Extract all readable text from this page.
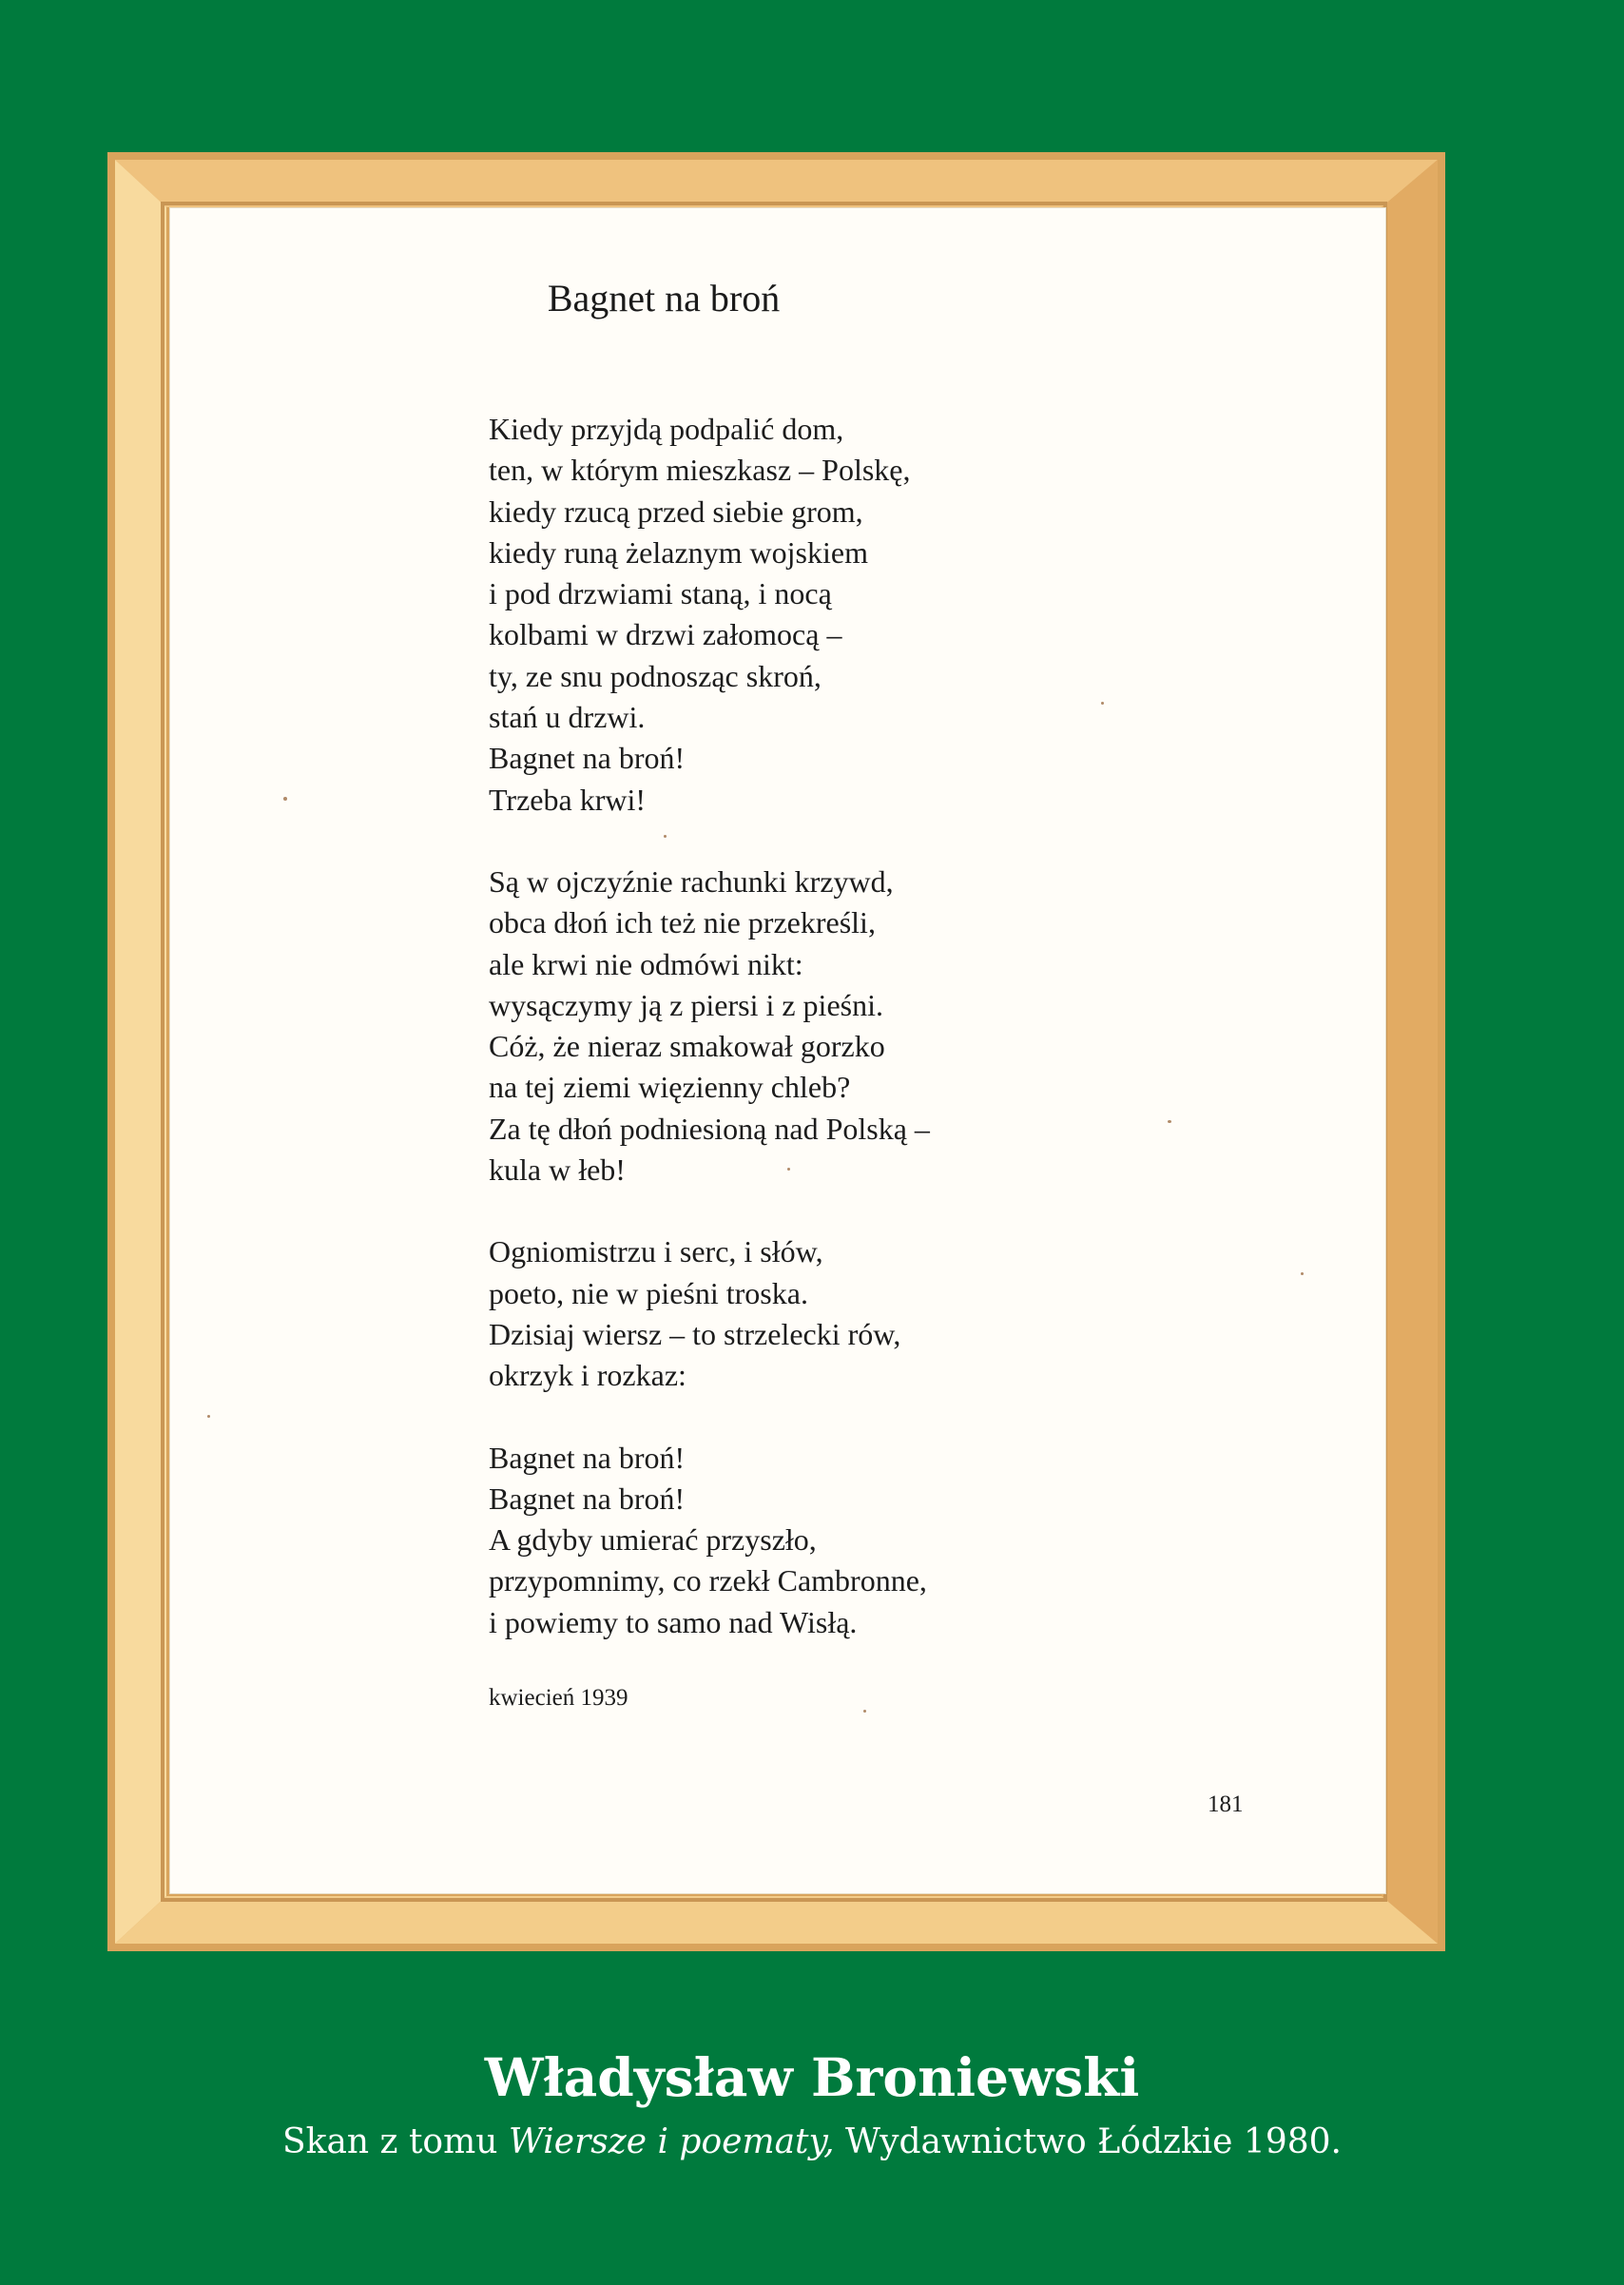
Bagnet na broń
Kiedy przyjdą podpalić dom,
ten, w którym mieszkasz – Polskę,
kiedy rzucą przed siebie grom,
kiedy runą żelaznym wojskiem
i pod drzwiami staną, i nocą
kolbami w drzwi załomocą –
ty, ze snu podnosząc skroń,
stań u drzwi.
Bagnet na broń!
Trzeba krwi!
Są w ojczyźnie rachunki krzywd,
obca dłoń ich też nie przekreśli,
ale krwi nie odmówi nikt:
wysączymy ją z piersi i z pieśni.
Cóż, że nieraz smakował gorzko
na tej ziemi więzienny chleb?
Za tę dłoń podniesioną nad Polską –
kula w łeb!
Ogniomistrzu i serc, i słów,
poeto, nie w pieśni troska.
Dzisiaj wiersz – to strzelecki rów,
okrzyk i rozkaz:
Bagnet na broń!
Bagnet na broń!
A gdyby umierać przyszło,
przypomnimy, co rzekł Cambronne,
i powiemy to samo nad Wisłą.
kwiecień 1939
181
Władysław Broniewski
Skan z tomu Wiersze i poematy, Wydawnictwo Łódzkie 1980.
